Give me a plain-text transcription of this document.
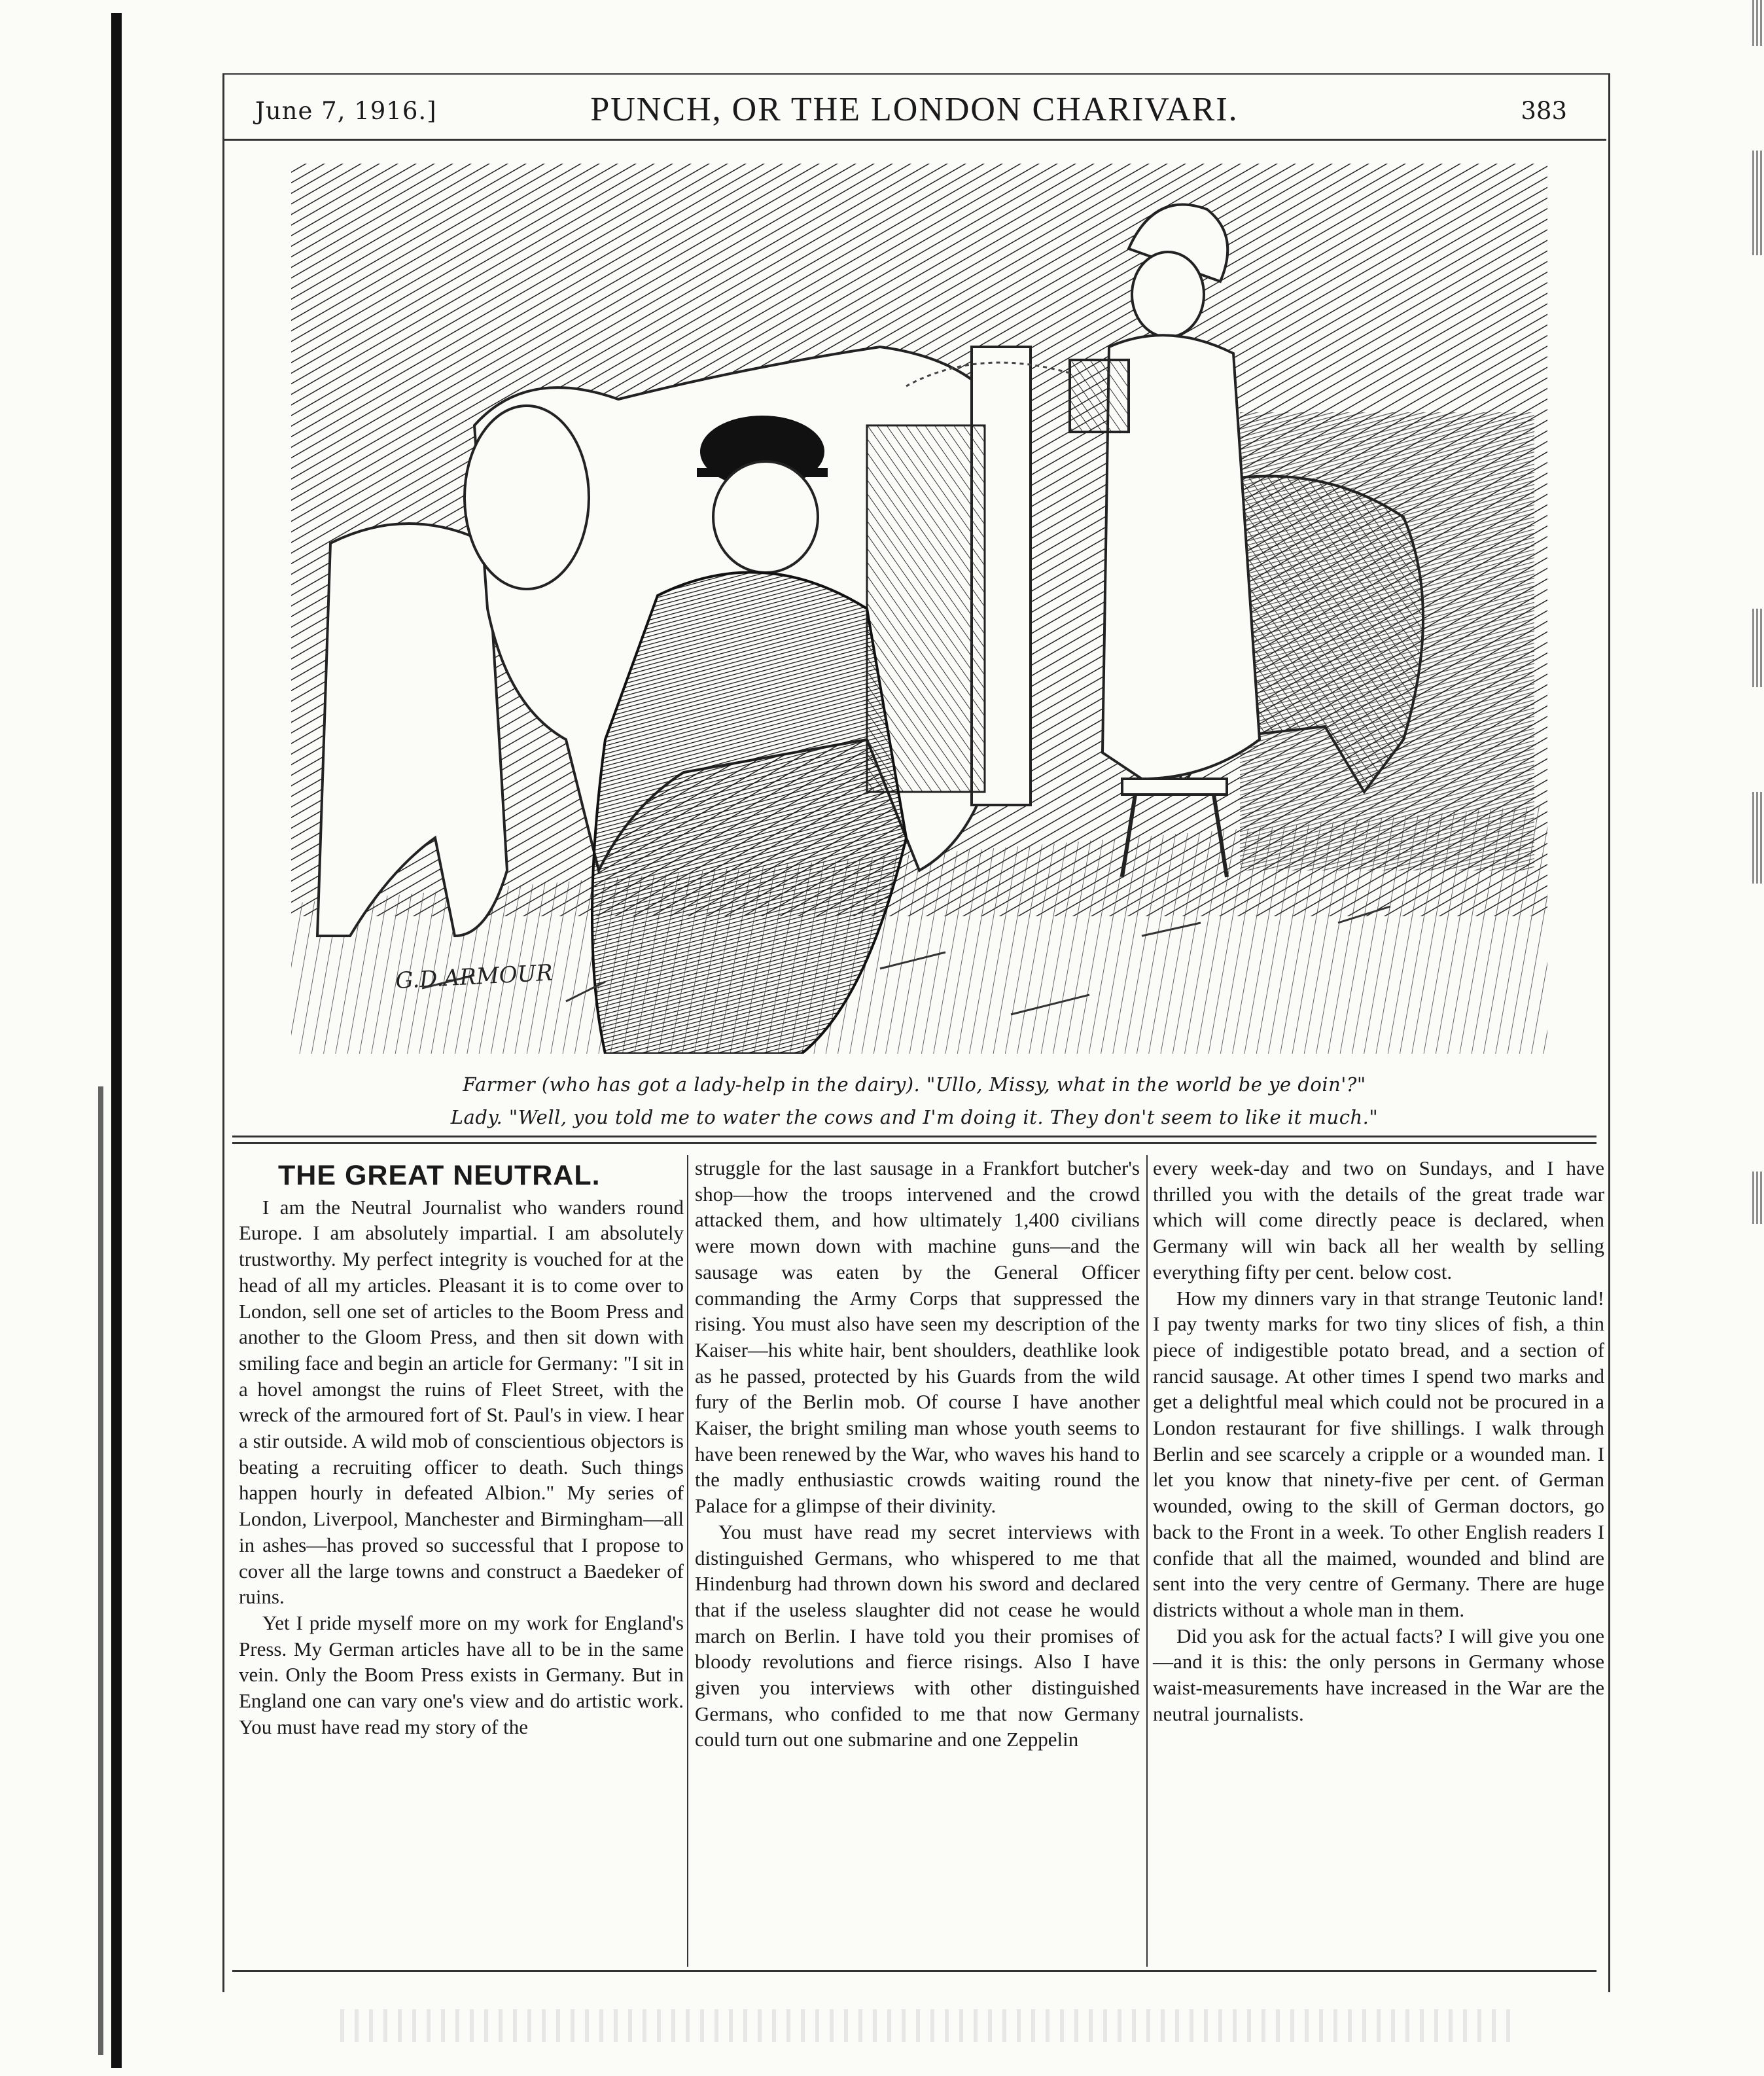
June 7, 1916.]	PUNCH, OR THE LONDON CHARIVARI.	383
G.D.ARMOUR
Farmer (who has got a lady-help in the dairy). "Ullo, Missy, what in the world be ye doin'?"
Lady. "Well, you told me to water the cows and I'm doing it. They don't seem to like it much."
THE GREAT NEUTRAL.

I am the Neutral Journalist who wanders round Europe. I am absolutely impartial. I am absolutely trustworthy. My perfect integrity is vouched for at the head of all my articles. Pleasant it is to come over to London, sell one set of articles to the Boom Press and another to the Gloom Press, and then sit down with smiling face and begin an article for Germany: "I sit in a hovel amongst the ruins of Fleet Street, with the wreck of the armoured fort of St. Paul's in view. I hear a stir outside. A wild mob of conscientious objectors is beating a recruiting officer to death. Such things happen hourly in defeated Albion." My series of London, Liverpool, Manchester and Birmingham—all in ashes—has proved so successful that I propose to cover all the large towns and construct a Baedeker of ruins.

Yet I pride myself more on my work for England's Press. My German articles have all to be in the same vein. Only the Boom Press exists in Germany. But in England one can vary one's view and do artistic work. You must have read my story of the

struggle for the last sausage in a Frankfort butcher's shop—how the troops intervened and the crowd attacked them, and how ultimately 1,400 civilians were mown down with machine guns—and the sausage was eaten by the General Officer commanding the Army Corps that suppressed the rising. You must also have seen my description of the Kaiser—his white hair, bent shoulders, deathlike look as he passed, protected by his Guards from the wild fury of the Berlin mob. Of course I have another Kaiser, the bright smiling man whose youth seems to have been renewed by the War, who waves his hand to the madly enthusiastic crowds waiting round the Palace for a glimpse of their divinity.

You must have read my secret interviews with distinguished Germans, who whispered to me that Hindenburg had thrown down his sword and declared that if the useless slaughter did not cease he would march on Berlin. I have told you their promises of bloody revolutions and fierce risings. Also I have given you interviews with other distinguished Germans, who confided to me that now Germany could turn out one submarine and one Zeppelin

every week-day and two on Sundays, and I have thrilled you with the details of the great trade war which will come directly peace is declared, when Germany will win back all her wealth by selling everything fifty per cent. below cost.

How my dinners vary in that strange Teutonic land! I pay twenty marks for two tiny slices of fish, a thin piece of indigestible potato bread, and a section of rancid sausage. At other times I spend two marks and get a delightful meal which could not be procured in a London restaurant for five shillings. I walk through Berlin and see scarcely a cripple or a wounded man. I let you know that ninety-five per cent. of German wounded, owing to the skill of German doctors, go back to the Front in a week. To other English readers I confide that all the maimed, wounded and blind are sent into the very centre of Germany. There are huge districts without a whole man in them.

Did you ask for the actual facts? I will give you one—and it is this: the only persons in Germany whose waist-measurements have increased in the War are the neutral journalists.
